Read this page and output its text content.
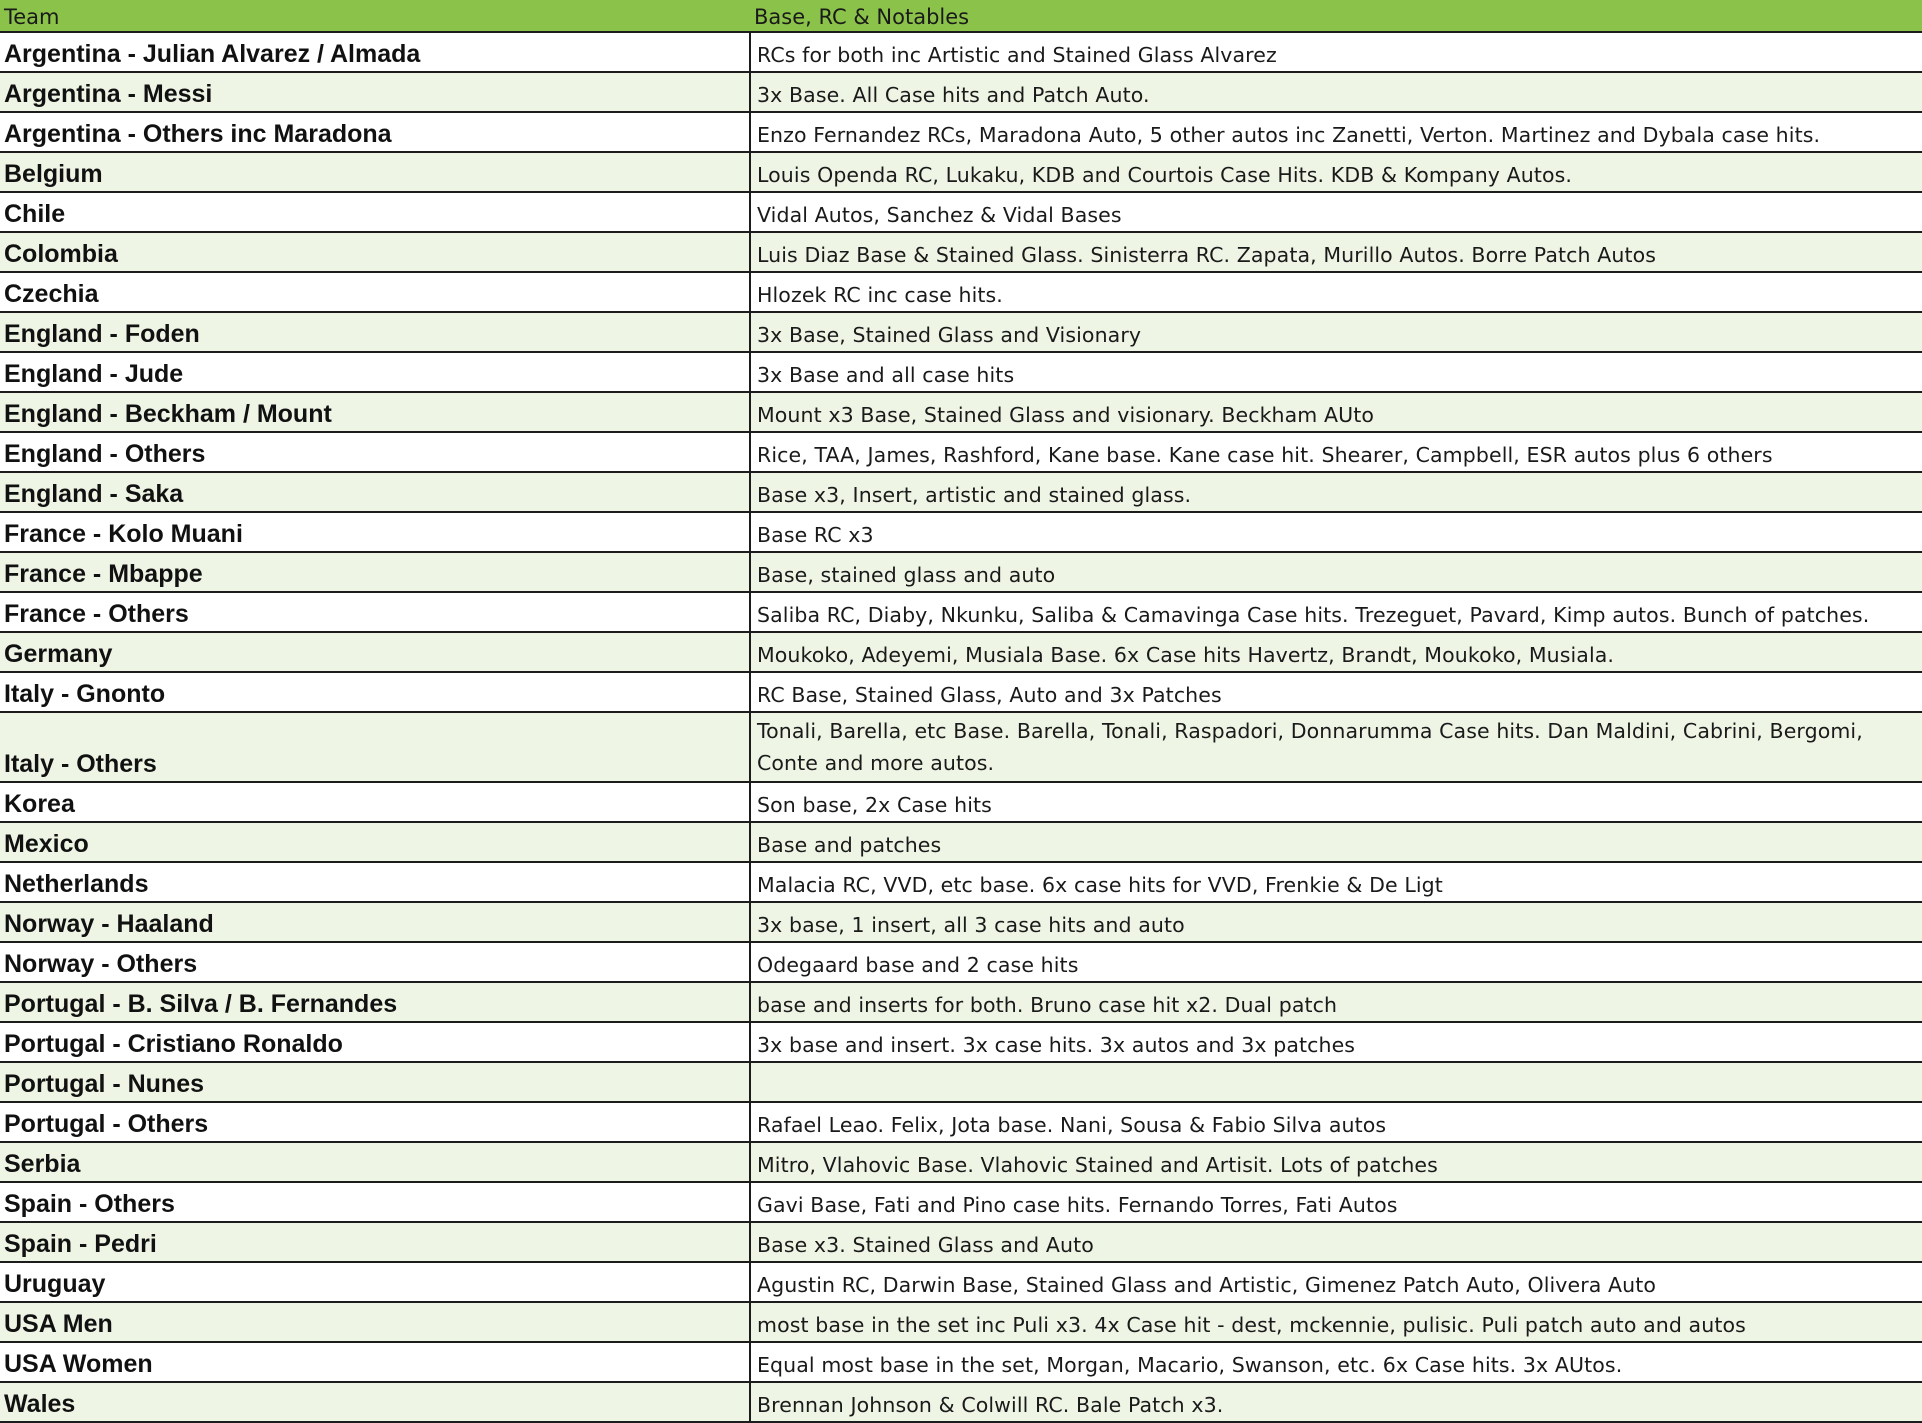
Team	Base, RC & Notables
Argentina - Julian Alvarez / Almada	RCs for both inc Artistic and Stained Glass Alvarez
Argentina - Messi	3x Base. All Case hits and Patch Auto.
Argentina - Others inc Maradona	Enzo Fernandez RCs, Maradona Auto, 5 other autos inc Zanetti, Verton. Martinez and Dybala case hits.
Belgium	Louis Openda RC, Lukaku, KDB and Courtois Case Hits. KDB & Kompany Autos.
Chile	Vidal Autos, Sanchez & Vidal Bases
Colombia	Luis Diaz Base & Stained Glass. Sinisterra RC. Zapata, Murillo Autos. Borre Patch Autos
Czechia	Hlozek RC inc case hits.
England - Foden	3x Base, Stained Glass and Visionary
England - Jude	3x Base and all case hits
England - Beckham / Mount	Mount x3 Base, Stained Glass and visionary. Beckham AUto
England - Others	Rice, TAA, James, Rashford, Kane base. Kane case hit. Shearer, Campbell, ESR autos plus 6 others
England - Saka	Base x3, Insert, artistic and stained glass.
France - Kolo Muani	Base RC x3
France - Mbappe	Base, stained glass and auto
France - Others	Saliba RC, Diaby, Nkunku, Saliba & Camavinga Case hits. Trezeguet, Pavard, Kimp autos. Bunch of patches.
Germany	Moukoko, Adeyemi, Musiala Base. 6x Case hits Havertz, Brandt, Moukoko, Musiala.
Italy - Gnonto	RC Base, Stained Glass, Auto and 3x Patches
Italy - Others	Tonali, Barella, etc Base. Barella, Tonali, Raspadori, Donnarumma Case hits. Dan Maldini, Cabrini, Bergomi, Conte and more autos.
Korea	Son base, 2x Case hits
Mexico	Base and patches
Netherlands	Malacia RC, VVD, etc base. 6x case hits for VVD, Frenkie & De Ligt
Norway - Haaland	3x base, 1 insert, all 3 case hits and auto
Norway - Others	Odegaard base and 2 case hits
Portugal - B. Silva / B. Fernandes	base and inserts for both. Bruno case hit x2. Dual patch
Portugal - Cristiano Ronaldo	3x base and insert. 3x case hits. 3x autos and 3x patches
Portugal - Nunes	
Portugal - Others	Rafael Leao. Felix, Jota base. Nani, Sousa & Fabio Silva autos
Serbia	Mitro, Vlahovic Base. Vlahovic Stained and Artisit. Lots of patches
Spain - Others	Gavi Base, Fati and Pino case hits. Fernando Torres, Fati Autos
Spain - Pedri	Base x3. Stained Glass and Auto
Uruguay	Agustin RC, Darwin Base, Stained Glass and Artistic, Gimenez Patch Auto, Olivera Auto
USA Men	most base in the set inc Puli x3. 4x Case hit - dest, mckennie, pulisic. Puli patch auto and autos
USA Women	Equal most base in the set, Morgan, Macario, Swanson, etc. 6x Case hits. 3x AUtos.
Wales	Brennan Johnson & Colwill RC. Bale Patch x3.
